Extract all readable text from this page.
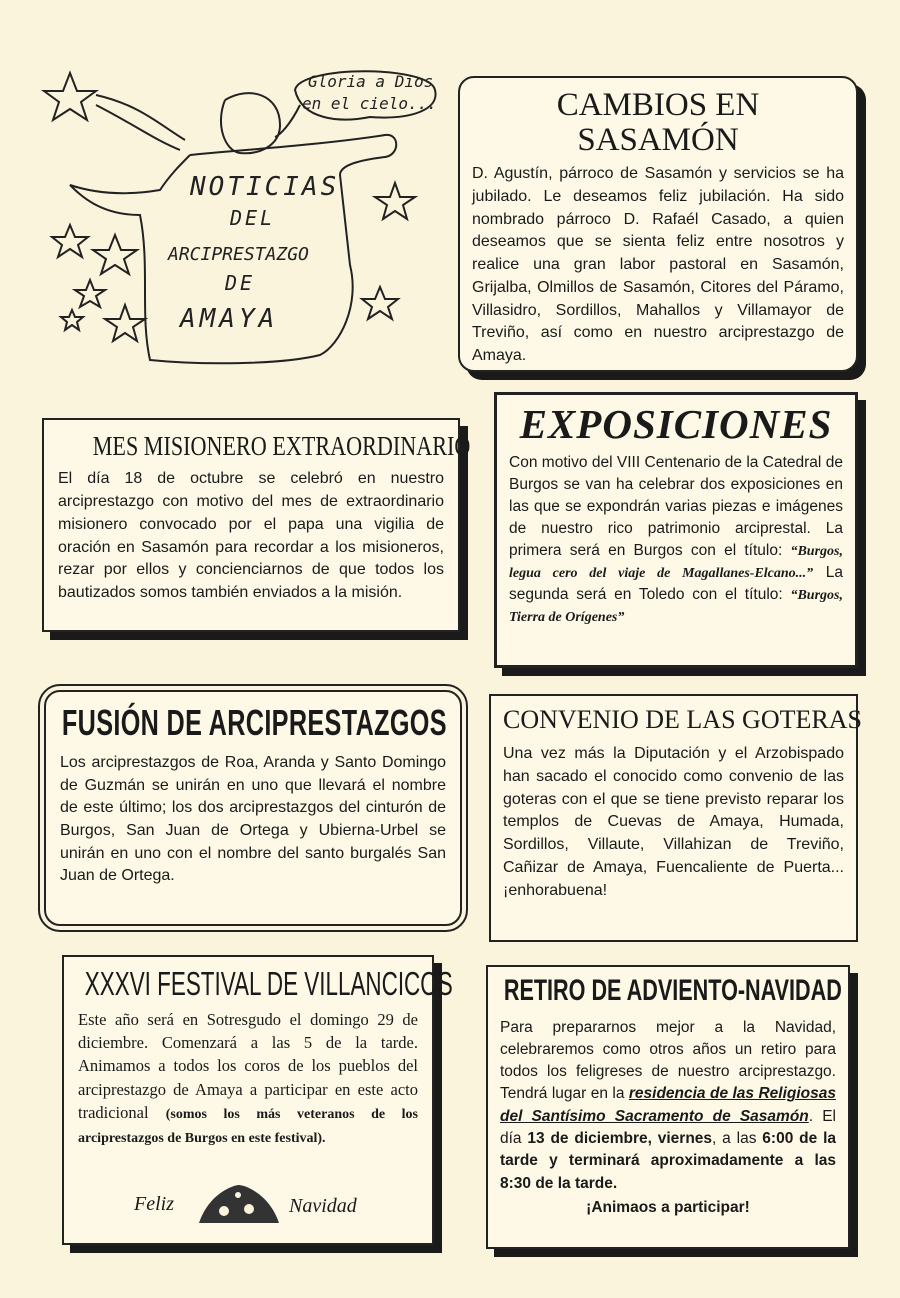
Gloria a Dios
en el cielo...
NOTICIAS
DEL
ARCIPRESTAZGO
DE
AMAYA
CAMBIOS EN SASAMÓN

D. Agustín, párroco de Sasamón y servicios se ha jubilado. Le deseamos feliz jubilación. Ha sido nombrado párroco D. Rafaél Casado, a quien deseamos que se sienta feliz entre nosotros y realice una gran labor pastoral en Sasamón, Grijalba, Olmillos de Sasamón, Citores del Páramo, Villasidro, Sordillos, Mahallos y Villamayor de Treviño, así como en nuestro arciprestazgo de Amaya.

MES MISIONERO EXTRAORDINARIO

El día 18 de octubre se celebró en nuestro arciprestazgo con motivo del mes de extraordinario misionero convocado por el papa una vigilia de oración en Sasamón para recordar a los misioneros, rezar por ellos y concienciarnos de que todos los bautizados somos también enviados a la misión.

EXPOSICIONES

Con motivo del VIII Centenario de la Catedral de Burgos se van ha celebrar dos exposiciones en las que se expondrán varias piezas e imágenes de nuestro rico patrimonio arciprestal. La primera será en Burgos con el título: “Burgos, legua cero del viaje de Magallanes-Elcano...” La segunda será en Toledo con el título: “Burgos, Tierra de Orígenes”

FUSIÓN DE ARCIPRESTAZGOS

Los arciprestazgos de Roa, Aranda y Santo Domingo de Guzmán se unirán en uno que llevará el nombre de este último; los dos arciprestazgos del cinturón de Burgos, San Juan de Ortega y Ubierna-Urbel se unirán en uno con el nombre del santo burgalés San Juan de Ortega.

CONVENIO DE LAS GOTERAS

Una vez más la Diputación y el Arzobispado han sacado el conocido como convenio de las goteras con el que se tiene previsto reparar los templos de Cuevas de Amaya, Humada, Sordillos, Villaute, Villahizan de Treviño, Cañizar de Amaya, Fuencaliente de Puerta... ¡enhorabuena!

XXXVI FESTIVAL DE VILLANCICOS

Este año será en Sotresgudo el domingo 29 de diciembre. Comenzará a las 5 de la tarde. Animamos a todos los coros de los pueblos del arciprestazgo de Amaya a participar en este acto tradicional (somos los más veteranos de los arciprestazgos de Burgos en este festival).

Feliz	Navidad
RETIRO DE ADVIENTO-NAVIDAD

Para prepararnos mejor a la Navidad, celebraremos como otros años un retiro para todos los feligreses de nuestro arciprestazgo. Tendrá lugar en la residencia de las Religiosas del Santísimo Sacramento de Sasamón. El día 13 de diciembre, viernes, a las 6:00 de la tarde y terminará aproximadamente a las 8:30 de la tarde.

¡Animaos a participar!
